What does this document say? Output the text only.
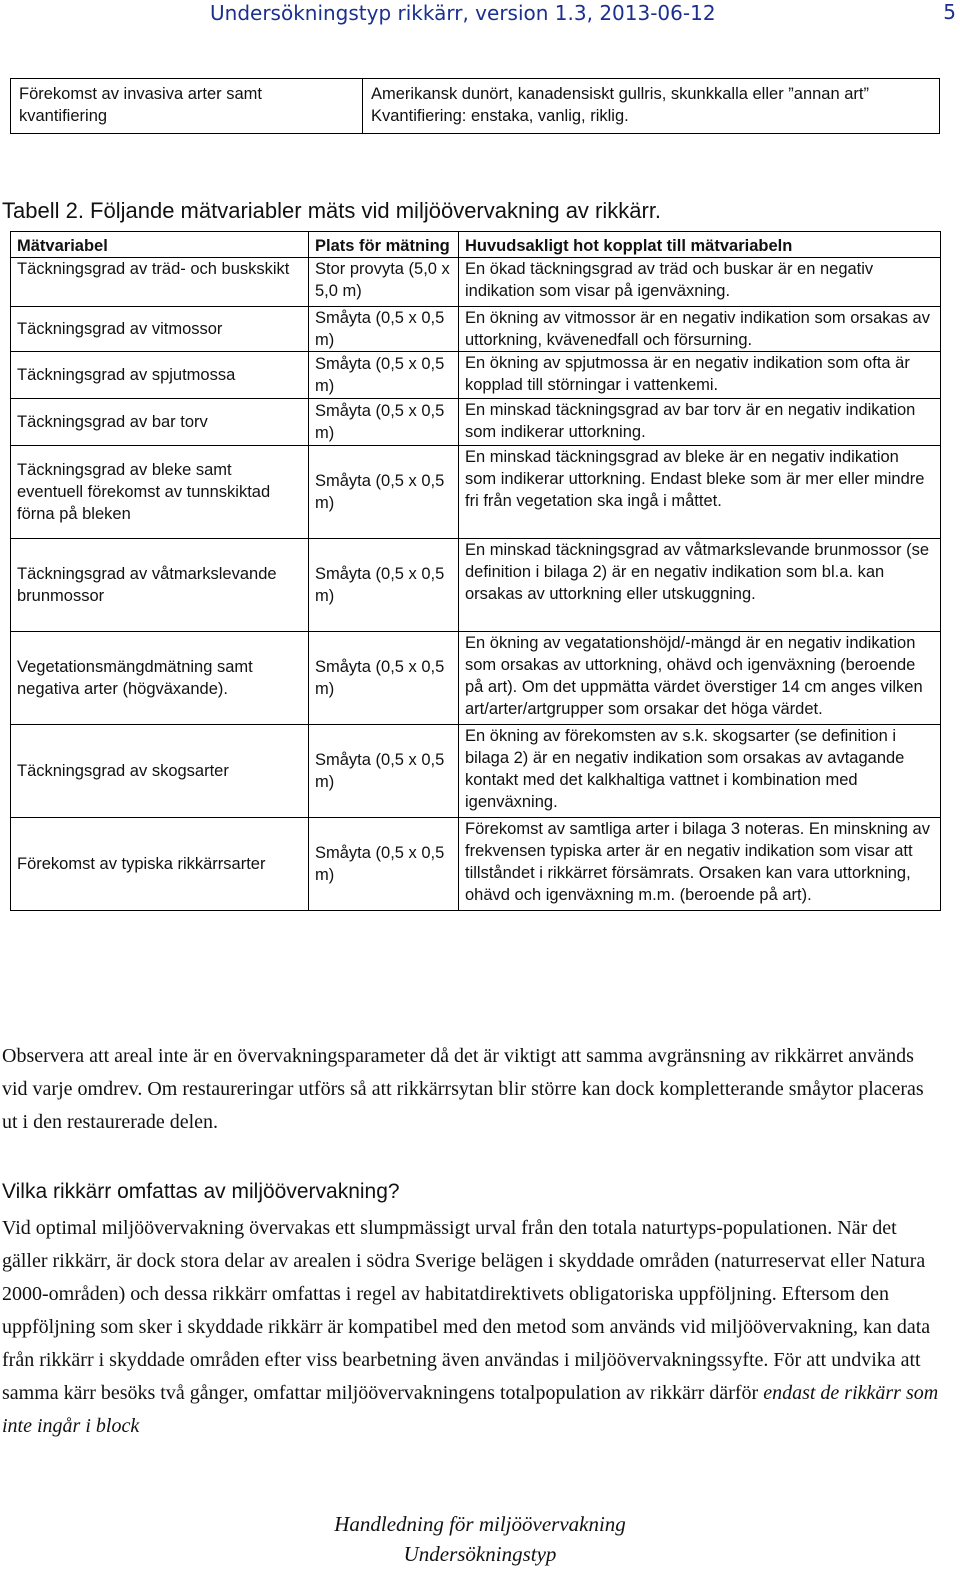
Undersökningstyp rikkärr, version 1.3, 2013-06-12	5
Förekomst av invasiva arter samt kvantifiering	Amerikansk dunört, kanadensiskt gullris, skunkkalla eller ”annan art” Kvantifiering: enstaka, vanlig, riklig.
Tabell 2. Följande mätvariabler mäts vid miljöövervakning av rikkärr.
Mätvariabel	Plats för mätning	Huvudsakligt hot kopplat till mätvariabeln
Täckningsgrad av träd- och buskskikt	Stor provyta (5,0 x 5,0 m)	En ökad täckningsgrad av träd och buskar är en negativ indikation som visar på igenväxning.
Täckningsgrad av vitmossor	Småyta (0,5 x 0,5 m)	En ökning av vitmossor är en negativ indikation som orsakas av uttorkning, kvävenedfall och försurning.
Täckningsgrad av spjutmossa	Småyta (0,5 x 0,5 m)	En ökning av spjutmossa är en negativ indikation som ofta är kopplad till störningar i vattenkemi.
Täckningsgrad av bar torv	Småyta (0,5 x 0,5 m)	En minskad täckningsgrad av bar torv är en negativ indikation som indikerar uttorkning.
Täckningsgrad av bleke samt eventuell förekomst av tunnskiktad förna på bleken	Småyta (0,5 x 0,5 m)	En minskad täckningsgrad av bleke är en negativ indikation som indikerar uttorkning. Endast bleke som är mer eller mindre fri från vegetation ska ingå i måttet.
Täckningsgrad av våtmarkslevande brunmossor	Småyta (0,5 x 0,5 m)	En minskad täckningsgrad av våtmarkslevande brunmossor (se definition i bilaga 2) är en negativ indikation som bl.a. kan orsakas av uttorkning eller utskuggning.
Vegetationsmängdmätning samt negativa arter (högväxande).	Småyta (0,5 x 0,5 m)	En ökning av vegatationshöjd/-mängd är en negativ indikation som orsakas av uttorkning, ohävd och igenväxning (beroende på art). Om det uppmätta värdet överstiger 14 cm anges vilken art/arter/artgrupper som orsakar det höga värdet.
Täckningsgrad av skogsarter	Småyta (0,5 x 0,5 m)	En ökning av förekomsten av s.k. skogsarter (se definition i bilaga 2) är en negativ indikation som orsakas av avtagande kontakt med det kalkhaltiga vattnet i kombination med igenväxning.
Förekomst av typiska rikkärrsarter	Småyta (0,5 x 0,5 m)	Förekomst av samtliga arter i bilaga 3 noteras. En minskning av frekvensen typiska arter är en negativ indikation som visar att tillståndet i rikkärret försämrats. Orsaken kan vara uttorkning, ohävd och igenväxning m.m. (beroende på art).

Observera att areal inte är en övervakningsparameter då det är viktigt att samma avgränsning av rikkärret används vid varje omdrev. Om restaureringar utförs så att rikkärrsytan blir större kan dock kompletterande småytor placeras ut i den restaurerade delen.

Vilka rikkärr omfattas av miljöövervakning?

Vid optimal miljöövervakning övervakas ett slumpmässigt urval från den totala naturtyps-populationen. När det gäller rikkärr, är dock stora delar av arealen i södra Sverige belägen i skyddade områden (naturreservat eller Natura 2000-områden) och dessa rikkärr omfattas i regel av habitatdirektivets obligatoriska uppföljning. Eftersom den uppföljning som sker i skyddade rikkärr är kompatibel med den metod som används vid miljöövervakning, kan data från rikkärr i skyddade områden efter viss bearbetning även användas i miljöövervakningssyfte. För att undvika att samma kärr besöks två gånger, omfattar miljöövervakningens totalpopulation av rikkärr därför endast de rikkärr som inte ingår i block

Handledning för miljöövervakning
Undersökningstyp
